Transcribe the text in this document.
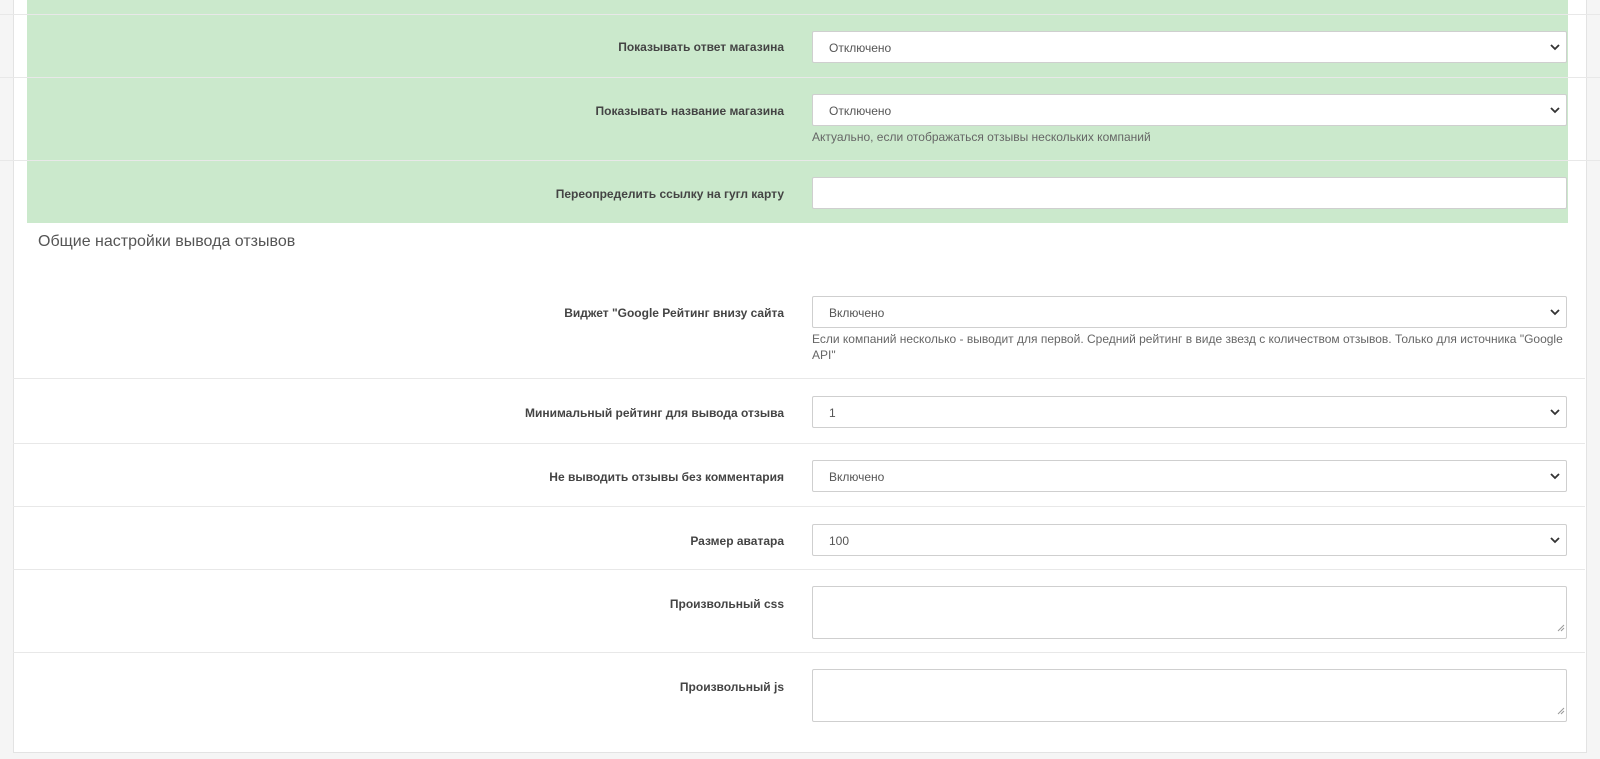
Показывать ответ магазина	Отключено
Показывать название магазина	Отключено
Актуально, если отображаться отзывы нескольких компаний
Переопределить ссылку на гугл карту
Общие настройки вывода отзывов
Виджет "Google Рейтинг внизу сайта	Включено
Если компаний несколько - выводит для первой. Средний рейтинг в виде звезд с количеством отзывов. Только для источника "Google API"
Минимальный рейтинг для вывода отзыва	1
Не выводить отзывы без комментария	Включено
Размер аватара	100
Произвольный css
Произвольный js
